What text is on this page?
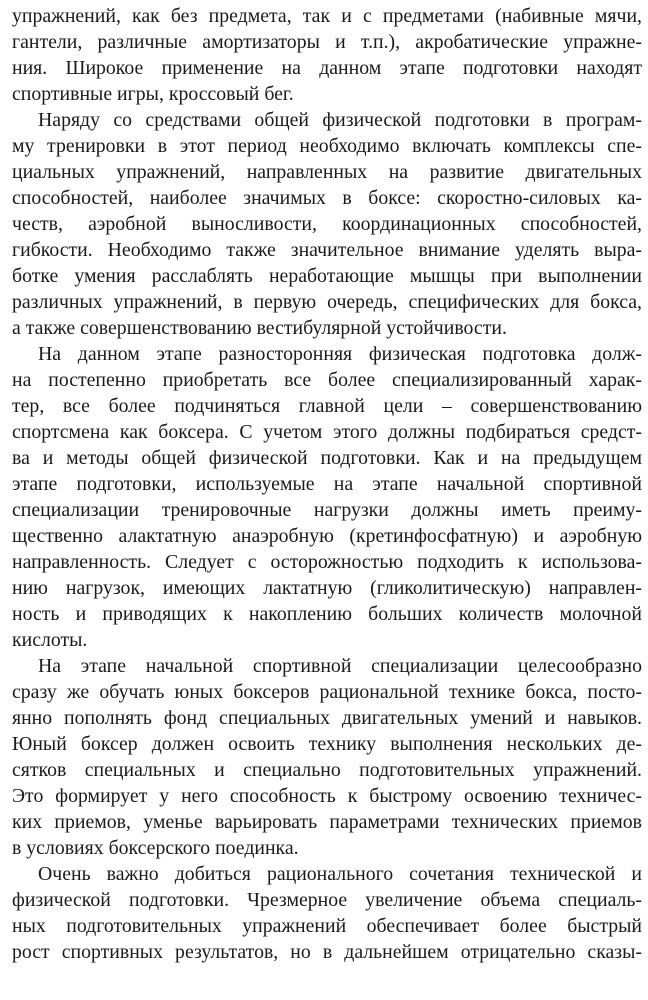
упражнений, как без предмета, так и с предметами (набивные мячи,
гантели, различные амортизаторы и т.п.), акробатические упражне-
ния. Широкое применение на данном этапе подготовки находят
спортивные игры, кроссовый бег.
Наряду со средствами общей физической подготовки в програм-
му тренировки в этот период необходимо включать комплексы спе-
циальных упражнений, направленных на развитие двигательных
способностей, наиболее значимых в боксе: скоростно-силовых ка-
честв, аэробной выносливости, координационных способностей,
гибкости. Необходимо также значительное внимание уделять выра-
ботке умения расслаблять неработающие мышцы при выполнении
различных упражнений, в первую очередь, специфических для бокса,
а также совершенствованию вестибулярной устойчивости.
На данном этапе разносторонняя физическая подготовка долж-
на постепенно приобретать все более специализированный харак-
тер, все более подчиняться главной цели – совершенствованию
спортсмена как боксера. С учетом этого должны подбираться средст-
ва и методы общей физической подготовки. Как и на предыдущем
этапе подготовки, используемые на этапе начальной спортивной
специализации тренировочные нагрузки должны иметь преиму-
щественно алактатную анаэробную (кретинфосфатную) и аэробную
направленность. Следует с осторожностью подходить к использова-
нию нагрузок, имеющих лактатную (гликолитическую) направлен-
ность и приводящих к накоплению больших количеств молочной
кислоты.
На этапе начальной спортивной специализации целесообразно
сразу же обучать юных боксеров рациональной технике бокса, посто-
янно пополнять фонд специальных двигательных умений и навыков.
Юный боксер должен освоить технику выполнения нескольких де-
сятков специальных и специально подготовительных упражнений.
Это формирует у него способность к быстрому освоению техничес-
ких приемов, уменье варьировать параметрами технических приемов
в условиях боксерского поединка.
Очень важно добиться рационального сочетания технической и
физической подготовки. Чрезмерное увеличение объема специаль-
ных подготовительных упражнений обеспечивает более быстрый
рост спортивных результатов, но в дальнейшем отрицательно сказы-
